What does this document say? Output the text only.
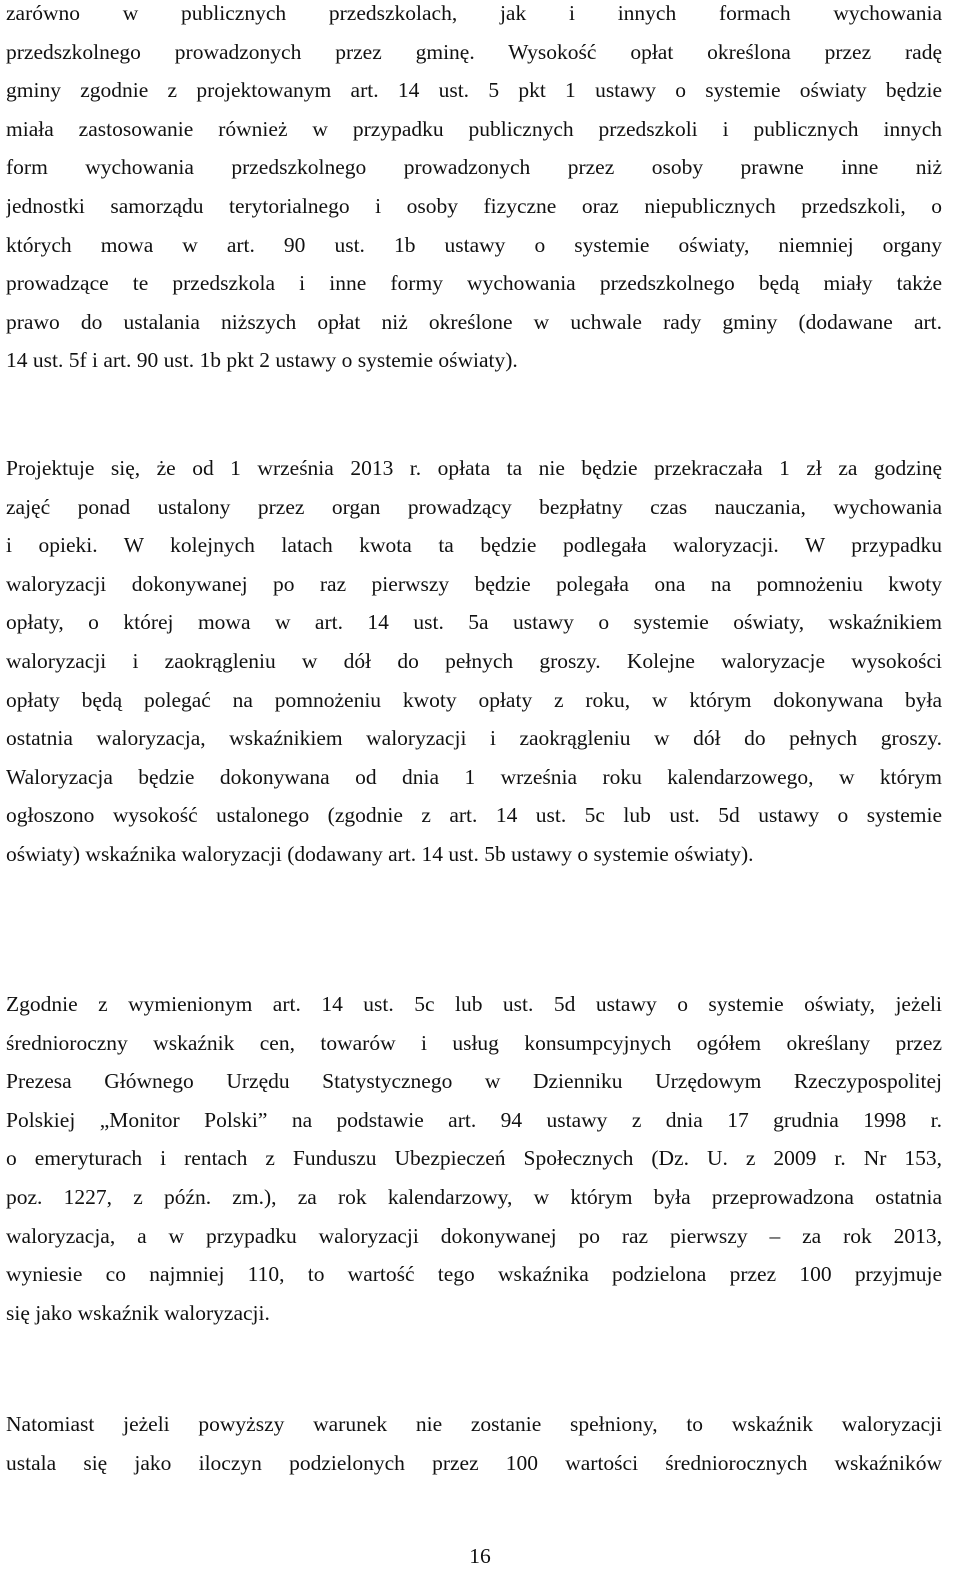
zarówno w publicznych przedszkolach, jak i innych formach wychowania
przedszkolnego prowadzonych przez gminę. Wysokość opłat określona przez radę
gminy zgodnie z projektowanym art. 14 ust. 5 pkt 1 ustawy o systemie oświaty będzie
miała zastosowanie również w przypadku publicznych przedszkoli i publicznych innych
form wychowania przedszkolnego prowadzonych przez osoby prawne inne niż
jednostki samorządu terytorialnego i osoby fizyczne oraz niepublicznych przedszkoli, o
których mowa w art. 90 ust. 1b ustawy o systemie oświaty, niemniej organy
prowadzące te przedszkola i inne formy wychowania przedszkolnego będą miały także
prawo do ustalania niższych opłat niż określone w uchwale rady gminy (dodawane art.
14 ust. 5f i art. 90 ust. 1b pkt 2 ustawy o systemie oświaty).
Projektuje się, że od 1 września 2013 r. opłata ta nie będzie przekraczała 1 zł za godzinę
zajęć ponad ustalony przez organ prowadzący bezpłatny czas nauczania, wychowania
i opieki. W kolejnych latach kwota ta będzie podlegała waloryzacji. W przypadku
waloryzacji dokonywanej po raz pierwszy będzie polegała ona na pomnożeniu kwoty
opłaty, o której mowa w art. 14 ust. 5a ustawy o systemie oświaty, wskaźnikiem
waloryzacji i zaokrągleniu w dół do pełnych groszy. Kolejne waloryzacje wysokości
opłaty będą polegać na pomnożeniu kwoty opłaty z roku, w którym dokonywana była
ostatnia waloryzacja, wskaźnikiem waloryzacji i zaokrągleniu w dół do pełnych groszy.
Waloryzacja będzie dokonywana od dnia 1 września roku kalendarzowego, w którym
ogłoszono wysokość ustalonego (zgodnie z art. 14 ust. 5c lub ust. 5d ustawy o systemie
oświaty) wskaźnika waloryzacji (dodawany art. 14 ust. 5b ustawy o systemie oświaty).
Zgodnie z wymienionym art. 14 ust. 5c lub ust. 5d ustawy o systemie oświaty, jeżeli
średnioroczny wskaźnik cen, towarów i usług konsumpcyjnych ogółem określany przez
Prezesa Głównego Urzędu Statystycznego w Dzienniku Urzędowym Rzeczypospolitej
Polskiej „Monitor Polski” na podstawie art. 94 ustawy z dnia 17 grudnia 1998 r.
o emeryturach i rentach z Funduszu Ubezpieczeń Społecznych (Dz. U. z 2009 r. Nr 153,
poz. 1227, z późn. zm.), za rok kalendarzowy, w którym była przeprowadzona ostatnia
waloryzacja, a w przypadku waloryzacji dokonywanej po raz pierwszy – za rok 2013,
wyniesie co najmniej 110, to wartość tego wskaźnika podzielona przez 100 przyjmuje
się jako wskaźnik waloryzacji.
Natomiast jeżeli powyższy warunek nie zostanie spełniony, to wskaźnik waloryzacji
ustala się jako iloczyn podzielonych przez 100 wartości średniorocznych wskaźników
16
